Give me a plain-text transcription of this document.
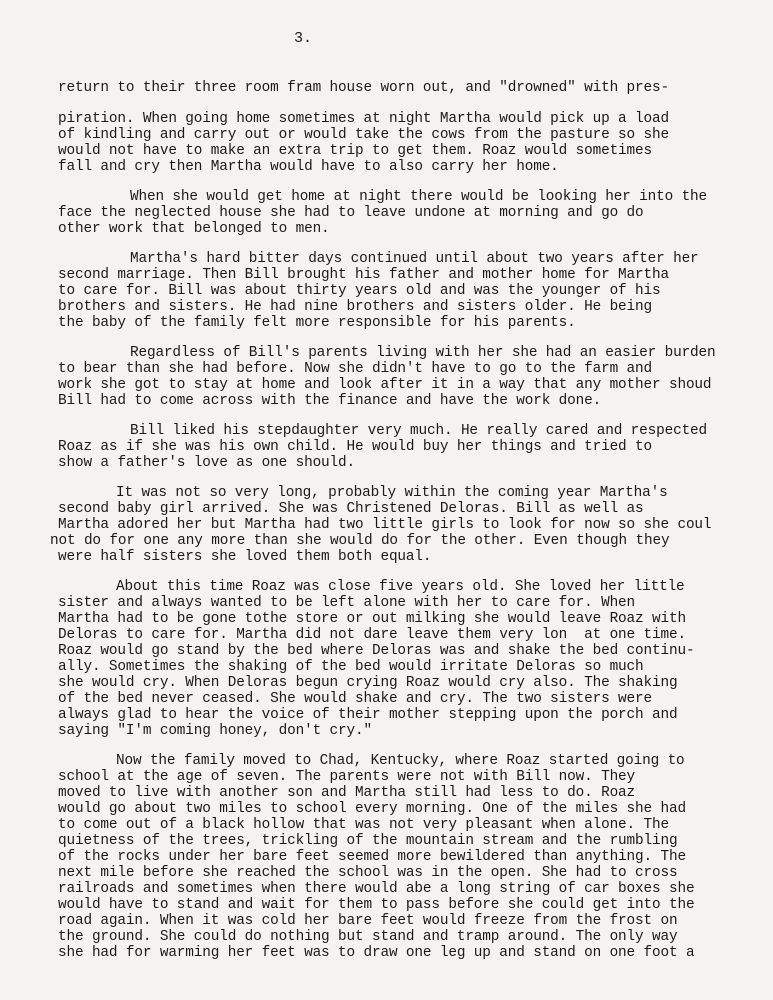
3.
return to their three room fram house worn out, and "drowned" with pres-
piration. When going home sometimes at night Martha would pick up a load
of kindling and carry out or would take the cows from the pasture so she
would not have to make an extra trip to get them. Roaz would sometimes
fall and cry then Martha would have to also carry her home.
When she would get home at night there would be looking her into the
face the neglected house she had to leave undone at morning and go do
other work that belonged to men.
Martha's hard bitter days continued until about two years after her
second marriage. Then Bill brought his father and mother home for Martha
to care for. Bill was about thirty years old and was the younger of his
brothers and sisters. He had nine brothers and sisters older. He being
the baby of the family felt more responsible for his parents.
Regardless of Bill's parents living with her she had an easier burden
to bear than she had before. Now she didn't have to go to the farm and
work she got to stay at home and look after it in a way that any mother shoud
Bill had to come across with the finance and have the work done.
Bill liked his stepdaughter very much. He really cared and respected
Roaz as if she was his own child. He would buy her things and tried to
show a father's love as one should.
It was not so very long, probably within the coming year Martha's
second baby girl arrived. She was Christened Deloras. Bill as well as
Martha adored her but Martha had two little girls to look for now so she coul
not do for one any more than she would do for the other. Even though they
were half sisters she loved them both equal.
About this time Roaz was close five years old. She loved her little
sister and always wanted to be left alone with her to care for. When
Martha had to be gone tothe store or out milking she would leave Roaz with
Deloras to care for. Martha did not dare leave them very lon  at one time.
Roaz would go stand by the bed where Deloras was and shake the bed continu-
ally. Sometimes the shaking of the bed would irritate Deloras so much
she would cry. When Deloras begun crying Roaz would cry also. The shaking
of the bed never ceased. She would shake and cry. The two sisters were
always glad to hear the voice of their mother stepping upon the porch and
saying "I'm coming honey, don't cry."
Now the family moved to Chad, Kentucky, where Roaz started going to
school at the age of seven. The parents were not with Bill now. They
moved to live with another son and Martha still had less to do. Roaz
would go about two miles to school every morning. One of the miles she had
to come out of a black hollow that was not very pleasant when alone. The
quietness of the trees, trickling of the mountain stream and the rumbling
of the rocks under her bare feet seemed more bewildered than anything. The
next mile before she reached the school was in the open. She had to cross
railroads and sometimes when there would abe a long string of car boxes she
would have to stand and wait for them to pass before she could get into the
road again. When it was cold her bare feet would freeze from the frost on
the ground. She could do nothing but stand and tramp around. The only way
she had for warming her feet was to draw one leg up and stand on one foot a
